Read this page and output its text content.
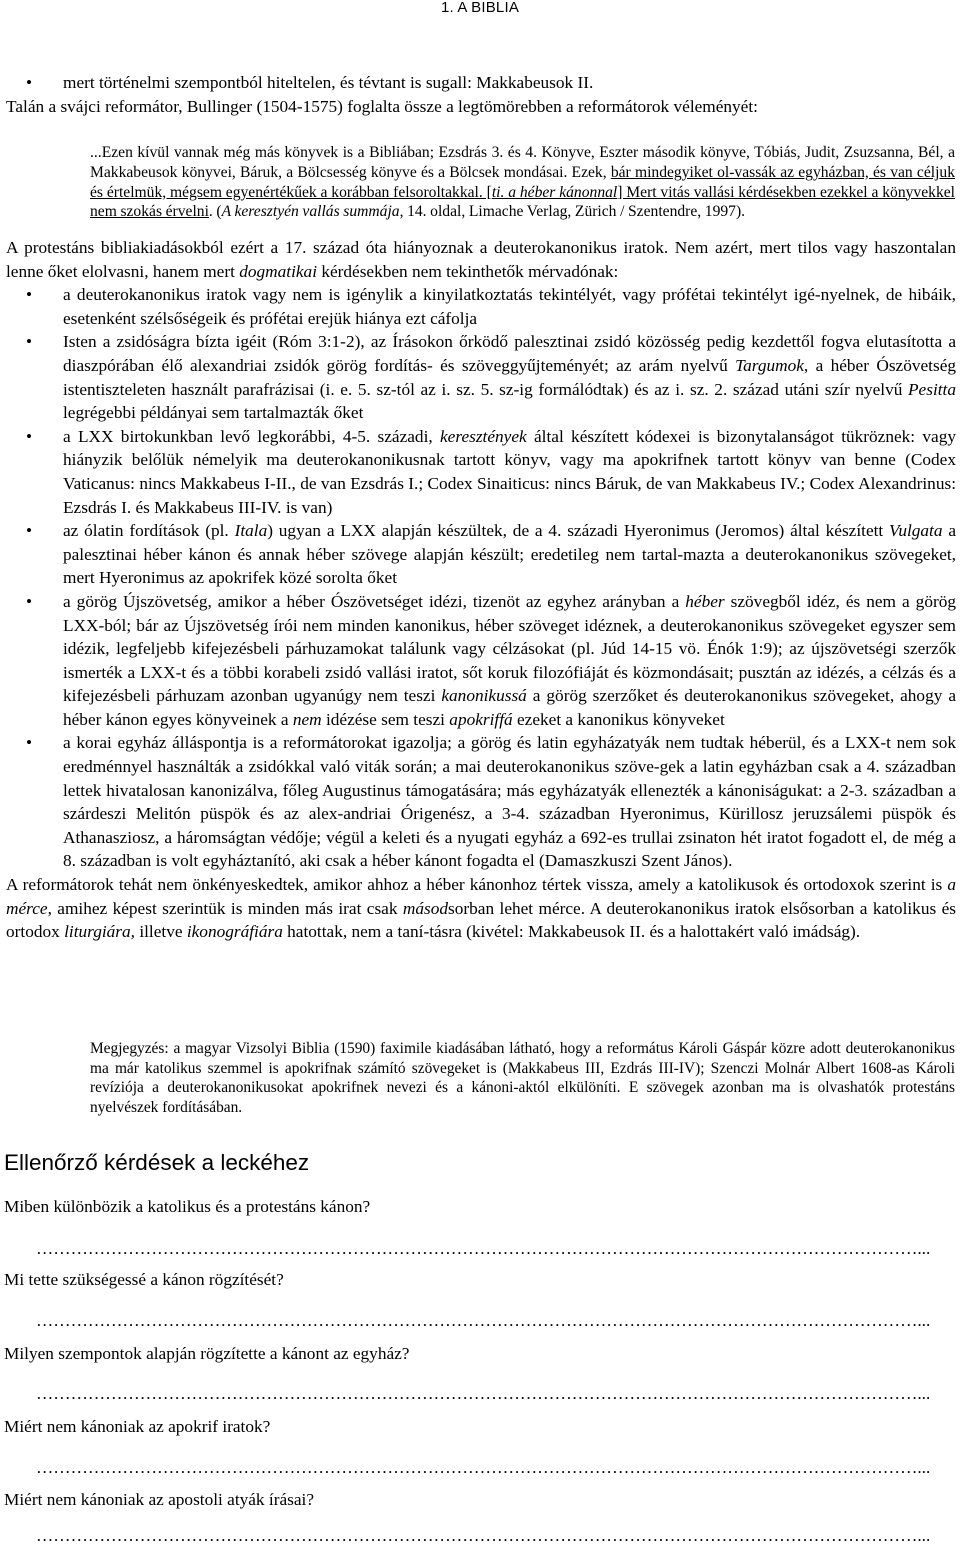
1. A BIBLIA
• mert történelmi szempontból hiteltelen, és tévtant is sugall: Makkabeusok II.
Talán a svájci reformátor, Bullinger (1504-1575) foglalta össze a legtömörebben a reformátorok véleményét:
...Ezen kívül vannak még más könyvek is a Bibliában; Ezsdrás 3. és 4. Könyve, Eszter második könyve, Tóbiás, Judit, Zsuzsanna, Bél, a Makkabeusok könyvei, Báruk, a Bölcsesség könyve és a Bölcsek mondásai. Ezek, bár mindegyiket ol-vassák az egyházban, és van céljuk és értelmük, mégsem egyenértékűek a korábban felsoroltakkal. [ti. a héber kánonnal] Mert vitás vallási kérdésekben ezekkel a könyvekkel nem szokás érvelni. (A keresztyén vallás summája, 14. oldal, Limache Verlag, Zürich / Szentendre, 1997).
A protestáns bibliakiadásokból ezért a 17. század óta hiányoznak a deuterokanonikus iratok. Nem azért, mert tilos vagy haszontalan lenne őket elolvasni, hanem mert dogmatikai kérdésekben nem tekinthetők mérvadónak:
• a deuterokanonikus iratok vagy nem is igénylik a kinyilatkoztatás tekintélyét, vagy prófétai tekintélyt igé-nyelnek, de hibáik, esetenként szélsőségeik és prófétai erejük hiánya ezt cáfolja
• Isten a zsidóságra bízta igéit (Róm 3:1-2), az Írásokon őrködő palesztinai zsidó közösség pedig kezdettől fogva elutasította a diaszpórában élő alexandriai zsidók görög fordítás- és szöveggyűjteményét; az arám nyelvű Targumok, a héber Ószövetség istentiszteleten használt parafrázisai (i. e. 5. sz-tól az i. sz. 5. sz-ig formálódtak) és az i. sz. 2. század utáni szír nyelvű Pesitta legrégebbi példányai sem tartalmazták őket
• a LXX birtokunkban levő legkorábbi, 4-5. századi, keresztények által készített kódexei is bizonytalanságot tükröznek: vagy hiányzik belőlük némelyik ma deuterokanonikusnak tartott könyv, vagy ma apokrifnek tartott könyv van benne (Codex Vaticanus: nincs Makkabeus I-II., de van Ezsdrás I.; Codex Sinaiticus: nincs Báruk, de van Makkabeus IV.; Codex Alexandrinus: Ezsdrás I. és Makkabeus III-IV. is van)
• az ólatin fordítások (pl. Itala) ugyan a LXX alapján készültek, de a 4. századi Hyeronimus (Jeromos) által készített Vulgata a palesztinai héber kánon és annak héber szövege alapján készült; eredetileg nem tartal-mazta a deuterokanonikus szövegeket, mert Hyeronimus az apokrifek közé sorolta őket
• a görög Újszövetség, amikor a héber Ószövetséget idézi, tizenöt az egyhez arányban a héber szövegből idéz, és nem a görög LXX-ból; bár az Újszövetség írói nem minden kanonikus, héber szöveget idéznek, a deuterokanonikus szövegeket egyszer sem idézik, legfeljebb kifejezésbeli párhuzamokat találunk vagy célzásokat (pl. Júd 14-15 vö. Énók 1:9); az újszövetségi szerzők ismerték a LXX-t és a többi korabeli zsidó vallási iratot, sőt koruk filozófiáját és közmondásait; pusztán az idézés, a célzás és a kifejezésbeli párhuzam azonban ugyanúgy nem teszi kanonikussá a görög szerzőket és deuterokanonikus szövegeket, ahogy a héber kánon egyes könyveinek a nem idézése sem teszi apokriffá ezeket a kanonikus könyveket
• a korai egyház álláspontja is a reformátorokat igazolja; a görög és latin egyházatyák nem tudtak héberül, és a LXX-t nem sok eredménnyel használták a zsidókkal való viták során; a mai deuterokanonikus szöve-gek a latin egyházban csak a 4. században lettek hivatalosan kanonizálva, főleg Augustinus támogatására; más egyházatyák ellenezték a kánoniságukat: a 2-3. században a szárdeszi Melitón püspök és az alex-andriai Órigenész, a 3-4. században Hyeronimus, Kürillosz jeruzsálemi püspök és Athanasziosz, a háromságtan védője; végül a keleti és a nyugati egyház a 692-es trullai zsinaton hét iratot fogadott el, de még a 8. században is volt egyháztanító, aki csak a héber kánont fogadta el (Damaszkuszi Szent János).
A reformátorok tehát nem önkényeskedtek, amikor ahhoz a héber kánonhoz tértek vissza, amely a katolikusok és ortodoxok szerint is a mérce, amihez képest szerintük is minden más irat csak másodsorban lehet mérce. A deuterokanonikus iratok elsősorban a katolikus és ortodox liturgiára, illetve ikonográfiára hatottak, nem a taní-tásra (kivétel: Makkabeusok II. és a halottakért való imádság).
Megjegyzés: a magyar Vizsolyi Biblia (1590) faximile kiadásában látható, hogy a református Károli Gáspár közre adott deuterokanonikus ma már katolikus szemmel is apokrifnak számító szövegeket is (Makkabeus III, Ezdrás III-IV); Szenczi Molnár Albert 1608-as Károli revíziója a deuterokanonikusokat apokrifnek nevezi és a kánoni-aktól elkülöníti. E szövegek azonban ma is olvashatók protestáns nyelvészek fordításában.
Ellenőrző kérdések a leckéhez
Miben különbözik a katolikus és a protestáns kánon?
………………………………………………………………………………………………………………………………………...
Mi tette szükségessé a kánon rögzítését?
………………………………………………………………………………………………………………………………………...
Milyen szempontok alapján rögzítette a kánont az egyház?
………………………………………………………………………………………………………………………………………...
Miért nem kánoniak az apokrif iratok?
………………………………………………………………………………………………………………………………………...
Miért nem kánoniak az apostoli atyák írásai?
………………………………………………………………………………………………………………………………………...
